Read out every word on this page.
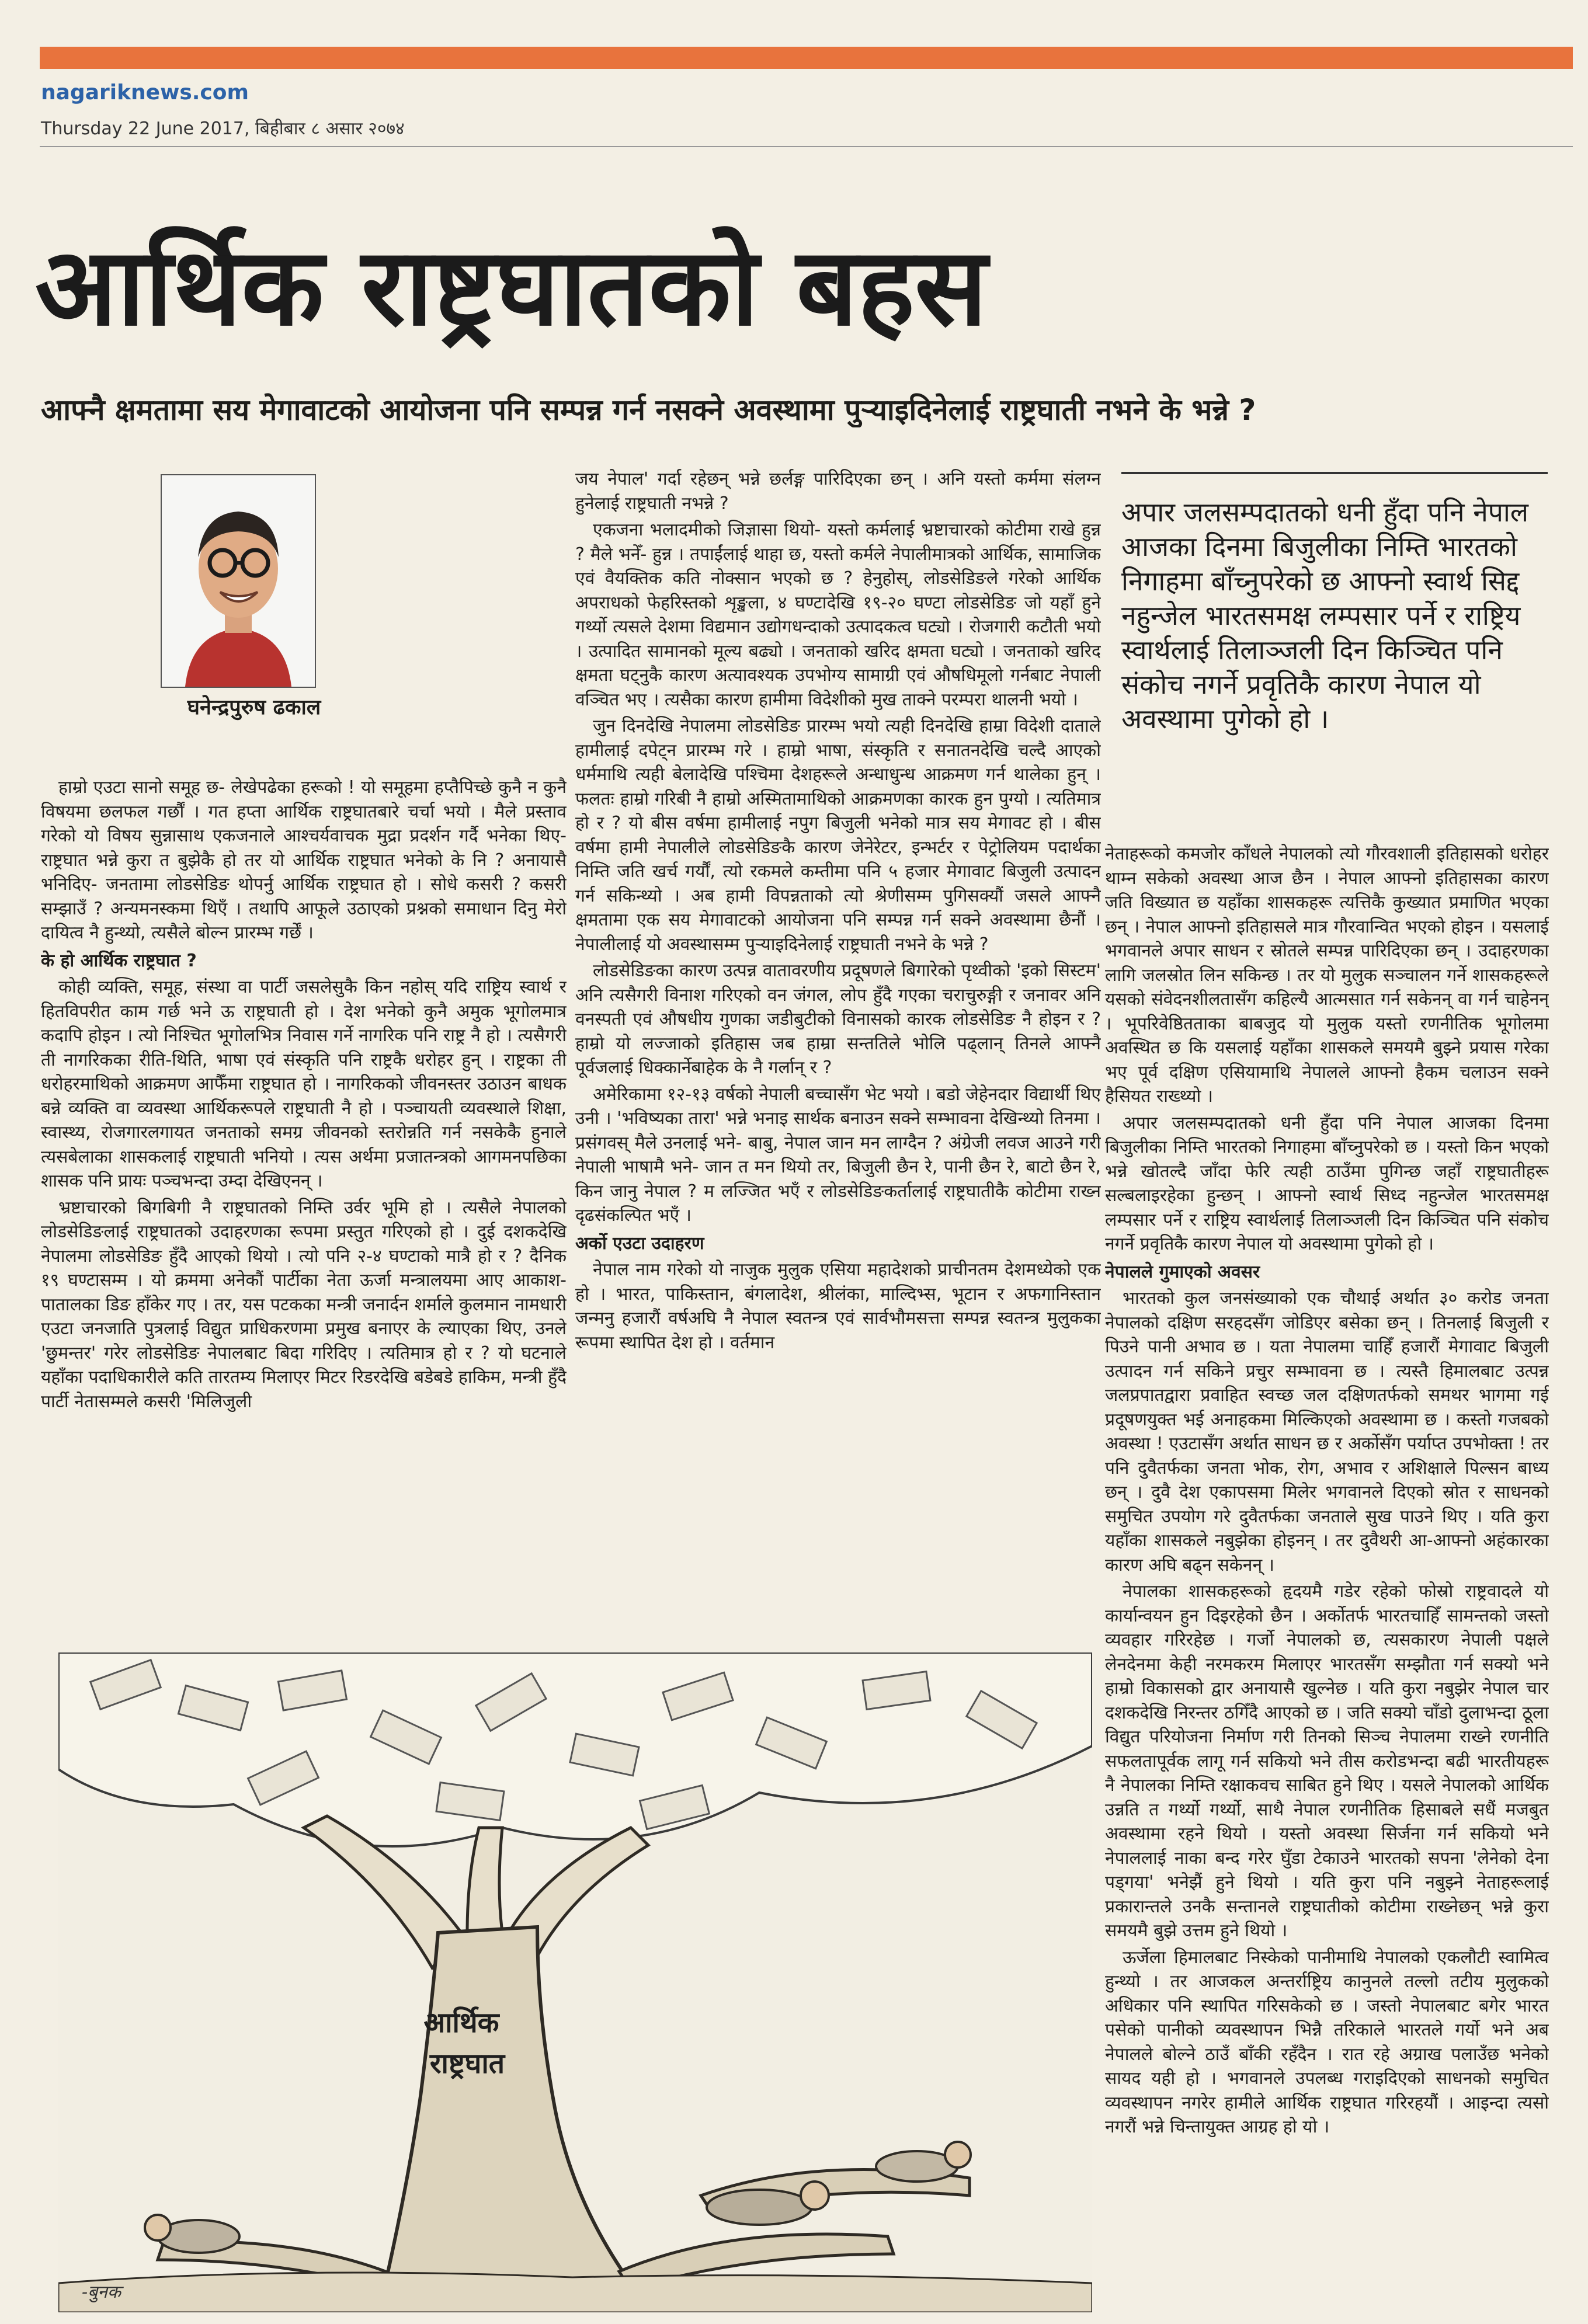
nagariknews.com
Thursday 22 June 2017, बिहीबार ८ असार २०७४
आर्थिक राष्ट्रघातको बहस
आफ्नै क्षमतामा सय मेगावाटको आयोजना पनि सम्पन्न गर्न नसक्ने अवस्थामा पुर्‍याइदिनेलाई राष्ट्रघाती नभने के भन्ने ?
घनेन्द्रपुरुष ढकाल
अपार जलसम्पदातको धनी हुँदा पनि नेपाल आजका दिनमा बिजुलीका निम्ति भारतको निगाहमा बाँच्नुपरेको छ आफ्नो स्वार्थ सिद्द नहुन्जेल भारतसमक्ष लम्पसार पर्ने र राष्ट्रिय स्वार्थलाई तिलाञ्जली दिन किञ्चित पनि संकोच नगर्ने प्रवृतिकै कारण नेपाल यो अवस्थामा पुगेको हो ।

हाम्रो एउटा सानो समूह छ- लेखेपढेका हरूको ! यो समूहमा हप्तैपिच्छे कुनै न कुनै विषयमा छलफल गर्छौं । गत हप्ता आर्थिक राष्ट्रघातबारे चर्चा भयो । मैले प्रस्ताव गरेको यो विषय सुन्नासाथ एकजनाले आश्चर्यवाचक मुद्रा प्रदर्शन गर्दै भनेका थिए- राष्ट्रघात भन्ने कुरा त बुझेकै हो तर यो आर्थिक राष्ट्रघात भनेको के नि ? अनायासै भनिदिए- जनतामा लोडसेडिङ थोपर्नु आर्थिक राष्ट्रघात हो । सोधे कसरी ? कसरी सम्झाउँ ? अन्यमनस्कमा थिएँ । तथापि आफूले उठाएको प्रश्नको समाधान दिनु मेरो दायित्व नै हुन्थ्यो, त्यसैले बोल्न प्रारम्भ गर्छें ।

के हो आर्थिक राष्ट्रघात ?

कोही व्यक्ति, समूह, संस्था वा पार्टी जसलेसुकै किन नहोस् यदि राष्ट्रिय स्वार्थ र हितविपरीत काम गर्छ भने ऊ राष्ट्रघाती हो । देश भनेको कुनै अमुक भूगोलमात्र कदापि होइन । त्यो निश्चित भूगोलभित्र निवास गर्ने नागरिक पनि राष्ट्र नै हो । त्यसैगरी ती नागरिकका रीति-थिति, भाषा एवं संस्कृति पनि राष्ट्रकै धरोहर हुन् । राष्ट्रका ती धरोहरमाथिको आक्रमण आफैँमा राष्ट्रघात हो । नागरिकको जीवनस्तर उठाउन बाधक बन्ने व्यक्ति वा व्यवस्था आर्थिकरूपले राष्ट्रघाती नै हो । पञ्चायती व्यवस्थाले शिक्षा, स्वास्थ्य, रोजगारलगायत जनताको समग्र जीवनको स्तरोन्नति गर्न नसकेकै हुनाले त्यसबेलाका शासकलाई राष्ट्रघाती भनियो । त्यस अर्थमा प्रजातन्त्रको आगमनपछिका शासक पनि प्रायः पञ्चभन्दा उम्दा देखिएनन् ।

भ्रष्टाचारको बिगबिगी नै राष्ट्रघातको निम्ति उर्वर भूमि हो । त्यसैले नेपालको लोडसेडिङलाई राष्ट्रघातको उदाहरणका रूपमा प्रस्तुत गरिएको हो । दुई दशकदेखि नेपालमा लोडसेडिङ हुँदै आएको थियो । त्यो पनि २-४ घण्टाको मात्रै हो र ? दैनिक १९ घण्टासम्म । यो क्रममा अनेकौं पार्टीका नेता ऊर्जा मन्त्रालयमा आए आकाश-पातालका डिङ हाँकेर गए । तर, यस पटकका मन्त्री जनार्दन शर्माले कुलमान नामधारी एउटा जनजाति पुत्रलाई विद्युत प्राधिकरणमा प्रमुख बनाएर के ल्याएका थिए, उनले 'छुमन्तर' गरेर लोडसेडिङ नेपालबाट बिदा गरिदिए । त्यतिमात्र हो र ? यो घटनाले यहाँका पदाधिकारीले कति तारतम्य मिलाएर मिटर रिडरदेखि बडेबडे हाकिम, मन्त्री हुँदै पार्टी नेतासम्मले कसरी 'मिलिजुली

जय नेपाल' गर्दा रहेछन् भन्ने छर्लङ्ग पारिदिएका छन् । अनि यस्तो कर्ममा संलग्न हुनेलाई राष्ट्रघाती नभन्ने ?

एकजना भलादमीको जिज्ञासा थियो- यस्तो कर्मलाई भ्रष्टाचारको कोटीमा राखे हुन्न ? मैले भनेँ- हुन्न । तपाईंलाई थाहा छ, यस्तो कर्मले नेपालीमात्रको आर्थिक, सामाजिक एवं वैयक्तिक कति नोक्सान भएको छ ? हेनुहोस्, लोडसेडिङले गरेको आर्थिक अपराधको फेहरिस्तको शृङ्खला, ४ घण्टादेखि १९-२० घण्टा लोडसेडिङ जो यहाँ हुने गर्थ्यो त्यसले देशमा विद्यमान उद्योगधन्दाको उत्पादकत्व घट्यो । रोजगारी कटौती भयो । उत्पादित सामानको मूल्य बढ्यो । जनताको खरिद क्षमता घट्यो । जनताको खरिद क्षमता घट्नुकै कारण अत्यावश्यक उपभोग्य सामाग्री एवं औषधिमूलो गर्नबाट नेपाली वञ्चित भए । त्यसैका कारण हामीमा विदेशीको मुख ताक्ने परम्परा थालनी भयो ।

जुन दिनदेखि नेपालमा लोडसेडिङ प्रारम्भ भयो त्यही दिनदेखि हाम्रा विदेशी दाताले हामीलाई दपेट्न प्रारम्भ गरे । हाम्रो भाषा, संस्कृति र सनातनदेखि चल्दै आएको धर्ममाथि त्यही बेलादेखि पश्चिमा देशहरूले अन्धाधुन्ध आक्रमण गर्न थालेका हुन् । फलतः हाम्रो गरिबी नै हाम्रो अस्मितामाथिको आक्रमणका कारक हुन पुग्यो । त्यतिमात्र हो र ? यो बीस वर्षमा हामीलाई नपुग बिजुली भनेको मात्र सय मेगावट हो । बीस वर्षमा हामी नेपालीले लोडसेडिङकै कारण जेनेरेटर, इन्भर्टर र पेट्रोलियम पदार्थका निम्ति जति खर्च गर्यौं, त्यो रकमले कम्तीमा पनि ५ हजार मेगावाट बिजुली उत्पादन गर्न सकिन्थ्यो । अब हामी विपन्नताको त्यो श्रेणीसम्म पुगिसक्यौं जसले आफ्नै क्षमतामा एक सय मेगावाटको आयोजना पनि सम्पन्न गर्न सक्ने अवस्थामा छैनौं । नेपालीलाई यो अवस्थासम्म पुर्‍याइदिनेलाई राष्ट्रघाती नभने के भन्ने ?

लोडसेडिङका कारण उत्पन्न वातावरणीय प्रदूषणले बिगारेको पृथ्वीको 'इको सिस्टम' अनि त्यसैगरी विनाश गरिएको वन जंगल, लोप हुँदै गएका चराचुरुङ्गी र जनावर अनि वनस्पती एवं औषधीय गुणका जडीबुटीको विनासको कारक लोडसेडिङ नै होइन र ? हाम्रो यो लज्जाको इतिहास जब हाम्रा सन्ततिले भोलि पढ्लान् तिनले आफ्नै पूर्वजलाई धिक्कार्नेबाहेक के नै गर्लान् र ?

अमेरिकामा १२-१३ वर्षको नेपाली बच्चासँग भेट भयो । बडो जेहेनदार विद्यार्थी थिए उनी । 'भविष्यका तारा' भन्ने भनाइ सार्थक बनाउन सक्ने सम्भावना देखिन्थ्यो तिनमा । प्रसंगवस् मैले उनलाई भने- बाबु, नेपाल जान मन लाग्दैन ? अंग्रेजी लवज आउने गरी नेपाली भाषामै भने- जान त मन थियो तर, बिजुली छैन रे, पानी छैन रे, बाटो छैन रे, किन जानु नेपाल ? म लज्जित भएँ र लोडसेडिङकर्तालाई राष्ट्रघातीकै कोटीमा राख्न दृढसंकल्पित भएँ ।

अर्को एउटा उदाहरण

नेपाल नाम गरेको यो नाजुक मुलुक एसिया महादेशको प्राचीनतम देशमध्येको एक हो । भारत, पाकिस्तान, बंगलादेश, श्रीलंका, माल्दिभ्स, भूटान र अफगानिस्तान जन्मनु हजारौं वर्षअघि नै नेपाल स्वतन्त्र एवं सार्वभौमसत्ता सम्पन्न स्वतन्त्र मुलुकका रूपमा स्थापित देश हो । वर्तमान

नेताहरूको कमजोर काँधले नेपालको त्यो गौरवशाली इतिहासको धरोहर थाम्न सकेको अवस्था आज छैन । नेपाल आफ्नो इतिहासका कारण जति विख्यात छ यहाँका शासकहरू त्यत्तिकै कुख्यात प्रमाणित भएका छन् । नेपाल आफ्नो इतिहासले मात्र गौरवान्वित भएको होइन । यसलाई भगवानले अपार साधन र स्रोतले सम्पन्न पारिदिएका छन् । उदाहरणका लागि जलस्रोत लिन सकिन्छ । तर यो मुलुक सञ्चालन गर्ने शासकहरूले यसको संवेदनशीलतासँग कहिल्यै आत्मसात गर्न सकेनन् वा गर्न चाहेनन् । भूपरिवेष्ठितताका बाबजुद यो मुलुक यस्तो रणनीतिक भूगोलमा अवस्थित छ कि यसलाई यहाँका शासकले समयमै बुझ्ने प्रयास गरेका भए पूर्व दक्षिण एसियामाथि नेपालले आफ्नो हैकम चलाउन सक्ने हैसियत राख्थ्यो ।

अपार जलसम्पदातको धनी हुँदा पनि नेपाल आजका दिनमा बिजुलीका निम्ति भारतको निगाहमा बाँच्नुपरेको छ । यस्तो किन भएको भन्ने खोतल्दै जाँदा फेरि त्यही ठाउँमा पुगिन्छ जहाँ राष्ट्रघातीहरू सल्बलाइरहेका हुन्छन् । आफ्नो स्वार्थ सिध्द नहुन्जेल भारतसमक्ष लम्पसार पर्ने र राष्ट्रिय स्वार्थलाई तिलाञ्जली दिन किञ्चित पनि संकोच नगर्ने प्रवृतिकै कारण नेपाल यो अवस्थामा पुगेको हो ।

नेपालले गुमाएको अवसर

भारतको कुल जनसंख्याको एक चौथाई अर्थात ३० करोड जनता नेपालको दक्षिण सरहदसँग जोडिएर बसेका छन् । तिनलाई बिजुली र पिउने पानी अभाव छ । यता नेपालमा चाहिँ हजारौं मेगावाट बिजुली उत्पादन गर्न सकिने प्रचुर सम्भावना छ । त्यस्तै हिमालबाट उत्पन्न जलप्रपातद्वारा प्रवाहित स्वच्छ जल दक्षिणतर्फको समथर भागमा गई प्रदूषणयुक्त भई अनाहकमा मिल्किएको अवस्थामा छ । कस्तो गजबको अवस्था ! एउटासँग अर्थात साधन छ र अर्कोसँग पर्याप्त उपभोक्ता ! तर पनि दुवैतर्फका जनता भोक, रोग, अभाव र अशिक्षाले पिल्सन बाध्य छन् । दुवै देश एकापसमा मिलेर भगवानले दिएको स्रोत र साधनको समुचित उपयोग गरे दुवैतर्फका जनताले सुख पाउने थिए । यति कुरा यहाँका शासकले नबुझेका होइनन् । तर दुवैथरी आ-आफ्नो अहंकारका कारण अघि बढ्न सकेनन् ।

नेपालका शासकहरूको हृदयमै गडेर रहेको फोस्रो राष्ट्रवादले यो कार्यान्वयन हुन दिइरहेको छैन । अर्कोतर्फ भारतचाहिँ सामन्तको जस्तो व्यवहार गरिरहेछ । गर्जो नेपालको छ, त्यसकारण नेपाली पक्षले लेनदेनमा केही नरमकरम मिलाएर भारतसँग सम्झौता गर्न सक्यो भने हाम्रो विकासको द्वार अनायासै खुल्नेछ । यति कुरा नबुझेर नेपाल चार दशकदेखि निरन्तर ठगिँदै आएको छ । जति सक्यो चाँडो दुलाभन्दा ठूला विद्युत परियोजना निर्माण गरी तिनको सिञ्च नेपालमा राख्ने रणनीति सफलतापूर्वक लागू गर्न सकियो भने तीस करोडभन्दा बढी भारतीयहरू नै नेपालका निम्ति रक्षाकवच साबित हुने थिए । यसले नेपालको आर्थिक उन्नति त गर्थ्यो गर्थ्यो, साथै नेपाल रणनीतिक हिसाबले सधैं मजबुत अवस्थामा रहने थियो । यस्तो अवस्था सिर्जना गर्न सकियो भने नेपाललाई नाका बन्द गरेर घुँडा टेकाउने भारतको सपना 'लेनेको देना पड्गया' भनेझैं हुने थियो । यति कुरा पनि नबुझ्ने नेताहरूलाई प्रकारान्तले उनकै सन्तानले राष्ट्रघातीको कोटीमा राख्नेछन् भन्ने कुरा समयमै बुझे उत्तम हुने थियो ।

ऊर्जेला हिमालबाट निस्केको पानीमाथि नेपालको एकलौटी स्वामित्व हुन्थ्यो । तर आजकल अन्तर्राष्ट्रिय कानुनले तल्लो तटीय मुलुकको अधिकार पनि स्थापित गरिसकेको छ । जस्तो नेपालबाट बगेर भारत पसेको पानीको व्यवस्थापन भिन्नै तरिकाले भारतले गर्यो भने अब नेपालले बोल्ने ठाउँ बाँकी रहँदैन । रात रहे अग्राख पलाउँछ भनेको सायद यही हो । भगवानले उपलब्ध गराइदिएको साधनको समुचित व्यवस्थापन नगरेर हामीले आर्थिक राष्ट्रघात गरिरहयौं । आइन्दा त्यसो नगरौं भन्ने चिन्तायुक्त आग्रह हो यो ।

आर्थिक
राष्ट्रघात
-बुनक
